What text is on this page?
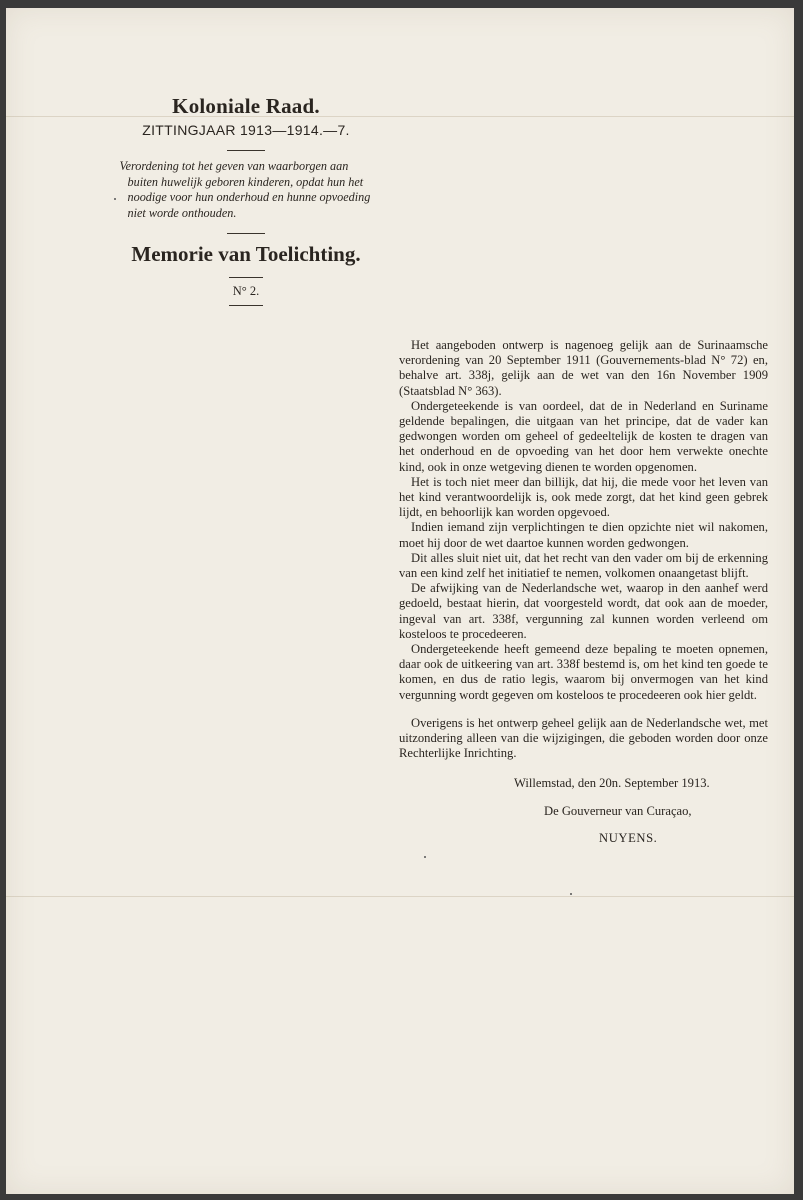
Koloniale Raad.
ZITTINGJAAR 1913—1914.—7.
Verordening tot het geven van waarborgen aan buiten huwelijk geboren kinderen, opdat hun het noodige voor hun onderhoud en hunne opvoeding niet worde onthouden.
Memorie van Toelichting.
N° 2.

Het aangeboden ontwerp is nagenoeg gelijk aan de Surinaamsche verordening van 20 September 1911 (Gouvernements-blad N° 72) en, behalve art. 338j, gelijk aan de wet van den 16n November 1909 (Staatsblad N° 363).

Ondergeteekende is van oordeel, dat de in Nederland en Suriname geldende bepalingen, die uitgaan van het principe, dat de vader kan gedwongen worden om geheel of gedeeltelijk de kosten te dragen van het onderhoud en de opvoeding van het door hem verwekte onechte kind, ook in onze wetgeving dienen te worden opgenomen.

Het is toch niet meer dan billijk, dat hij, die mede voor het leven van het kind verantwoordelijk is, ook mede zorgt, dat het kind geen gebrek lijdt, en behoorlijk kan worden opgevoed.

Indien iemand zijn verplichtingen te dien opzichte niet wil nakomen, moet hij door de wet daartoe kunnen worden gedwongen.

Dit alles sluit niet uit, dat het recht van den vader om bij de erkenning van een kind zelf het initiatief te nemen, volkomen onaangetast blijft.

De afwijking van de Nederlandsche wet, waarop in den aanhef werd gedoeld, bestaat hierin, dat voorgesteld wordt, dat ook aan de moeder, ingeval van art. 338f, vergunning zal kunnen worden verleend om kosteloos te procedeeren.

Ondergeteekende heeft gemeend deze bepaling te moeten opnemen, daar ook de uitkeering van art. 338f bestemd is, om het kind ten goede te komen, en dus de ratio legis, waarom bij onvermogen van het kind vergunning wordt gegeven om kosteloos te procedeeren ook hier geldt.

Overigens is het ontwerp geheel gelijk aan de Nederlandsche wet, met uitzondering alleen van die wijzigingen, die geboden worden door onze Rechterlijke Inrichting.

Willemstad, den 20n. September 1913.

De Gouverneur van Curaçao,

NUYENS.
